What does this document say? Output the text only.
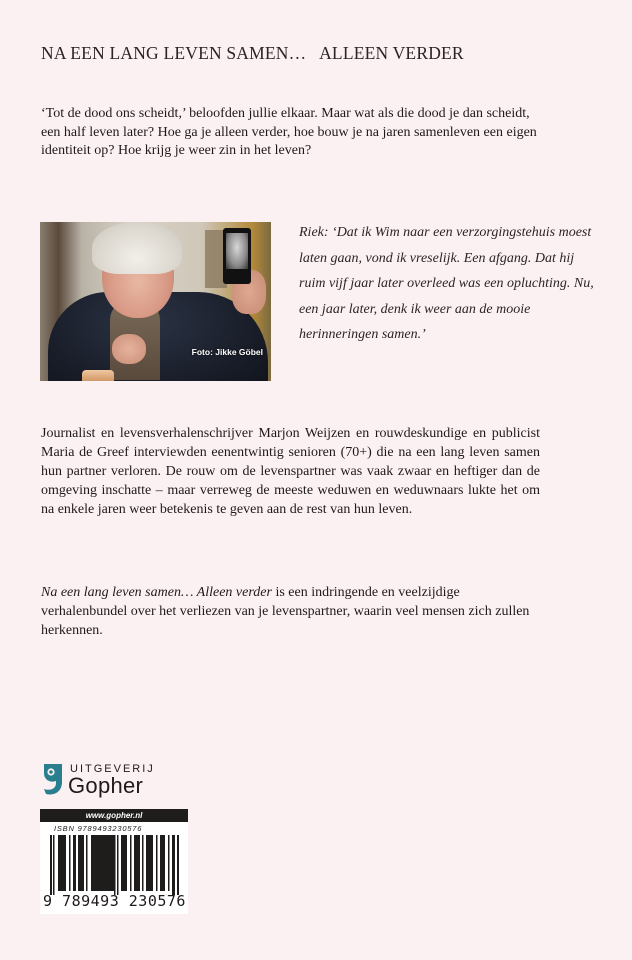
NA EEN LANG LEVEN SAMEN…   ALLEEN VERDER

‘Tot de dood ons scheidt,’ beloofden jullie elkaar. Maar wat als die dood je dan scheidt, een half leven later? Hoe ga je alleen verder, hoe bouw je na jaren samenleven een eigen identiteit op? Hoe krijg je weer zin in het leven?

Foto: Jikke Göbel

Riek: ‘Dat ik Wim naar een verzorgingstehuis moest laten gaan, vond ik vreselijk. Een afgang. Dat hij ruim vijf jaar later overleed was een opluchting. Nu, een jaar later, denk ik weer aan de mooie herinneringen samen.’

Journalist en levensverhalenschrijver Marjon Weijzen en rouwdeskundige en publicist Maria de Greef interviewden eenentwintig senioren (70+) die na een lang leven samen hun partner verloren. De rouw om de levenspartner was vaak zwaar en heftiger dan de omgeving inschatte – maar verreweg de meeste weduwen en weduwnaars lukte het om na enkele jaren weer betekenis te geven aan de rest van hun leven.

Na een lang leven samen… Alleen verder is een indringende en veelzijdige verhalenbundel over het verliezen van je levenspartner, waarin veel mensen zich zullen herkennen.

UITGEVERIJ
Gopher
www.gopher.nl
ISBN 9789493230576
9 789493 230576
